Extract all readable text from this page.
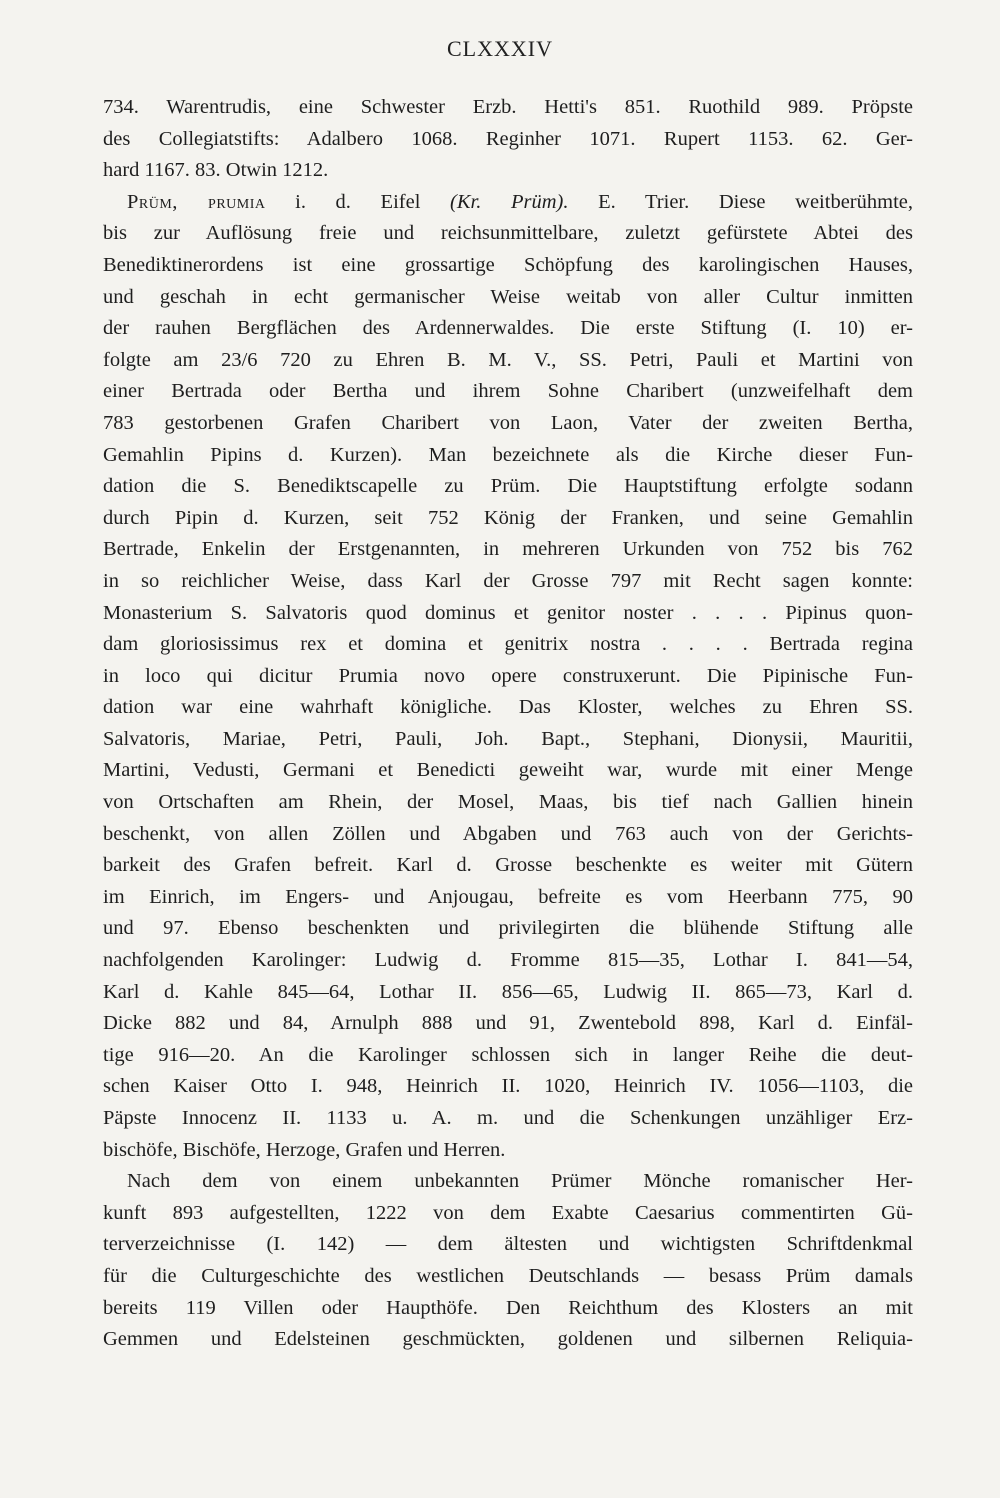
CLXXXIV
734. Warentrudis, eine Schwester Erzb. Hetti's 851. Ruothild 989. Pröpste
des Collegiatstifts: Adalbero 1068. Reginher 1071. Rupert 1153. 62. Ger-
hard 1167. 83. Otwin 1212.
Prüm, prumia i. d. Eifel (Kr. Prüm). E. Trier. Diese weitberühmte,
bis zur Auflösung freie und reichsunmittelbare, zuletzt gefürstete Abtei des
Benediktinerordens ist eine grossartige Schöpfung des karolingischen Hauses,
und geschah in echt germanischer Weise weitab von aller Cultur inmitten
der rauhen Bergflächen des Ardennerwaldes. Die erste Stiftung (I. 10) er-
folgte am 23/6 720 zu Ehren B. M. V., SS. Petri, Pauli et Martini von
einer Bertrada oder Bertha und ihrem Sohne Charibert (unzweifelhaft dem
783 gestorbenen Grafen Charibert von Laon, Vater der zweiten Bertha,
Gemahlin Pipins d. Kurzen). Man bezeichnete als die Kirche dieser Fun-
dation die S. Benediktscapelle zu Prüm. Die Hauptstiftung erfolgte sodann
durch Pipin d. Kurzen, seit 752 König der Franken, und seine Gemahlin
Bertrade, Enkelin der Erstgenannten, in mehreren Urkunden von 752 bis 762
in so reichlicher Weise, dass Karl der Grosse 797 mit Recht sagen konnte:
Monasterium S. Salvatoris quod dominus et genitor noster . . . . Pipinus quon-
dam gloriosissimus rex et domina et genitrix nostra . . . . Bertrada regina
in loco qui dicitur Prumia novo opere construxerunt. Die Pipinische Fun-
dation war eine wahrhaft königliche. Das Kloster, welches zu Ehren SS.
Salvatoris, Mariae, Petri, Pauli, Joh. Bapt., Stephani, Dionysii, Mauritii,
Martini, Vedusti, Germani et Benedicti geweiht war, wurde mit einer Menge
von Ortschaften am Rhein, der Mosel, Maas, bis tief nach Gallien hinein
beschenkt, von allen Zöllen und Abgaben und 763 auch von der Gerichts-
barkeit des Grafen befreit. Karl d. Grosse beschenkte es weiter mit Gütern
im Einrich, im Engers- und Anjougau, befreite es vom Heerbann 775, 90
und 97. Ebenso beschenkten und privilegirten die blühende Stiftung alle
nachfolgenden Karolinger: Ludwig d. Fromme 815—35, Lothar I. 841—54,
Karl d. Kahle 845—64, Lothar II. 856—65, Ludwig II. 865—73, Karl d.
Dicke 882 und 84, Arnulph 888 und 91, Zwentebold 898, Karl d. Einfäl-
tige 916—20. An die Karolinger schlossen sich in langer Reihe die deut-
schen Kaiser Otto I. 948, Heinrich II. 1020, Heinrich IV. 1056—1103, die
Päpste Innocenz II. 1133 u. A. m. und die Schenkungen unzähliger Erz-
bischöfe, Bischöfe, Herzoge, Grafen und Herren.
Nach dem von einem unbekannten Prümer Mönche romanischer Her-
kunft 893 aufgestellten, 1222 von dem Exabte Caesarius commentirten Gü-
terverzeichnisse (I. 142) — dem ältesten und wichtigsten Schriftdenkmal
für die Culturgeschichte des westlichen Deutschlands — besass Prüm damals
bereits 119 Villen oder Haupthöfe. Den Reichthum des Klosters an mit
Gemmen und Edelsteinen geschmückten, goldenen und silbernen Reliquia-
